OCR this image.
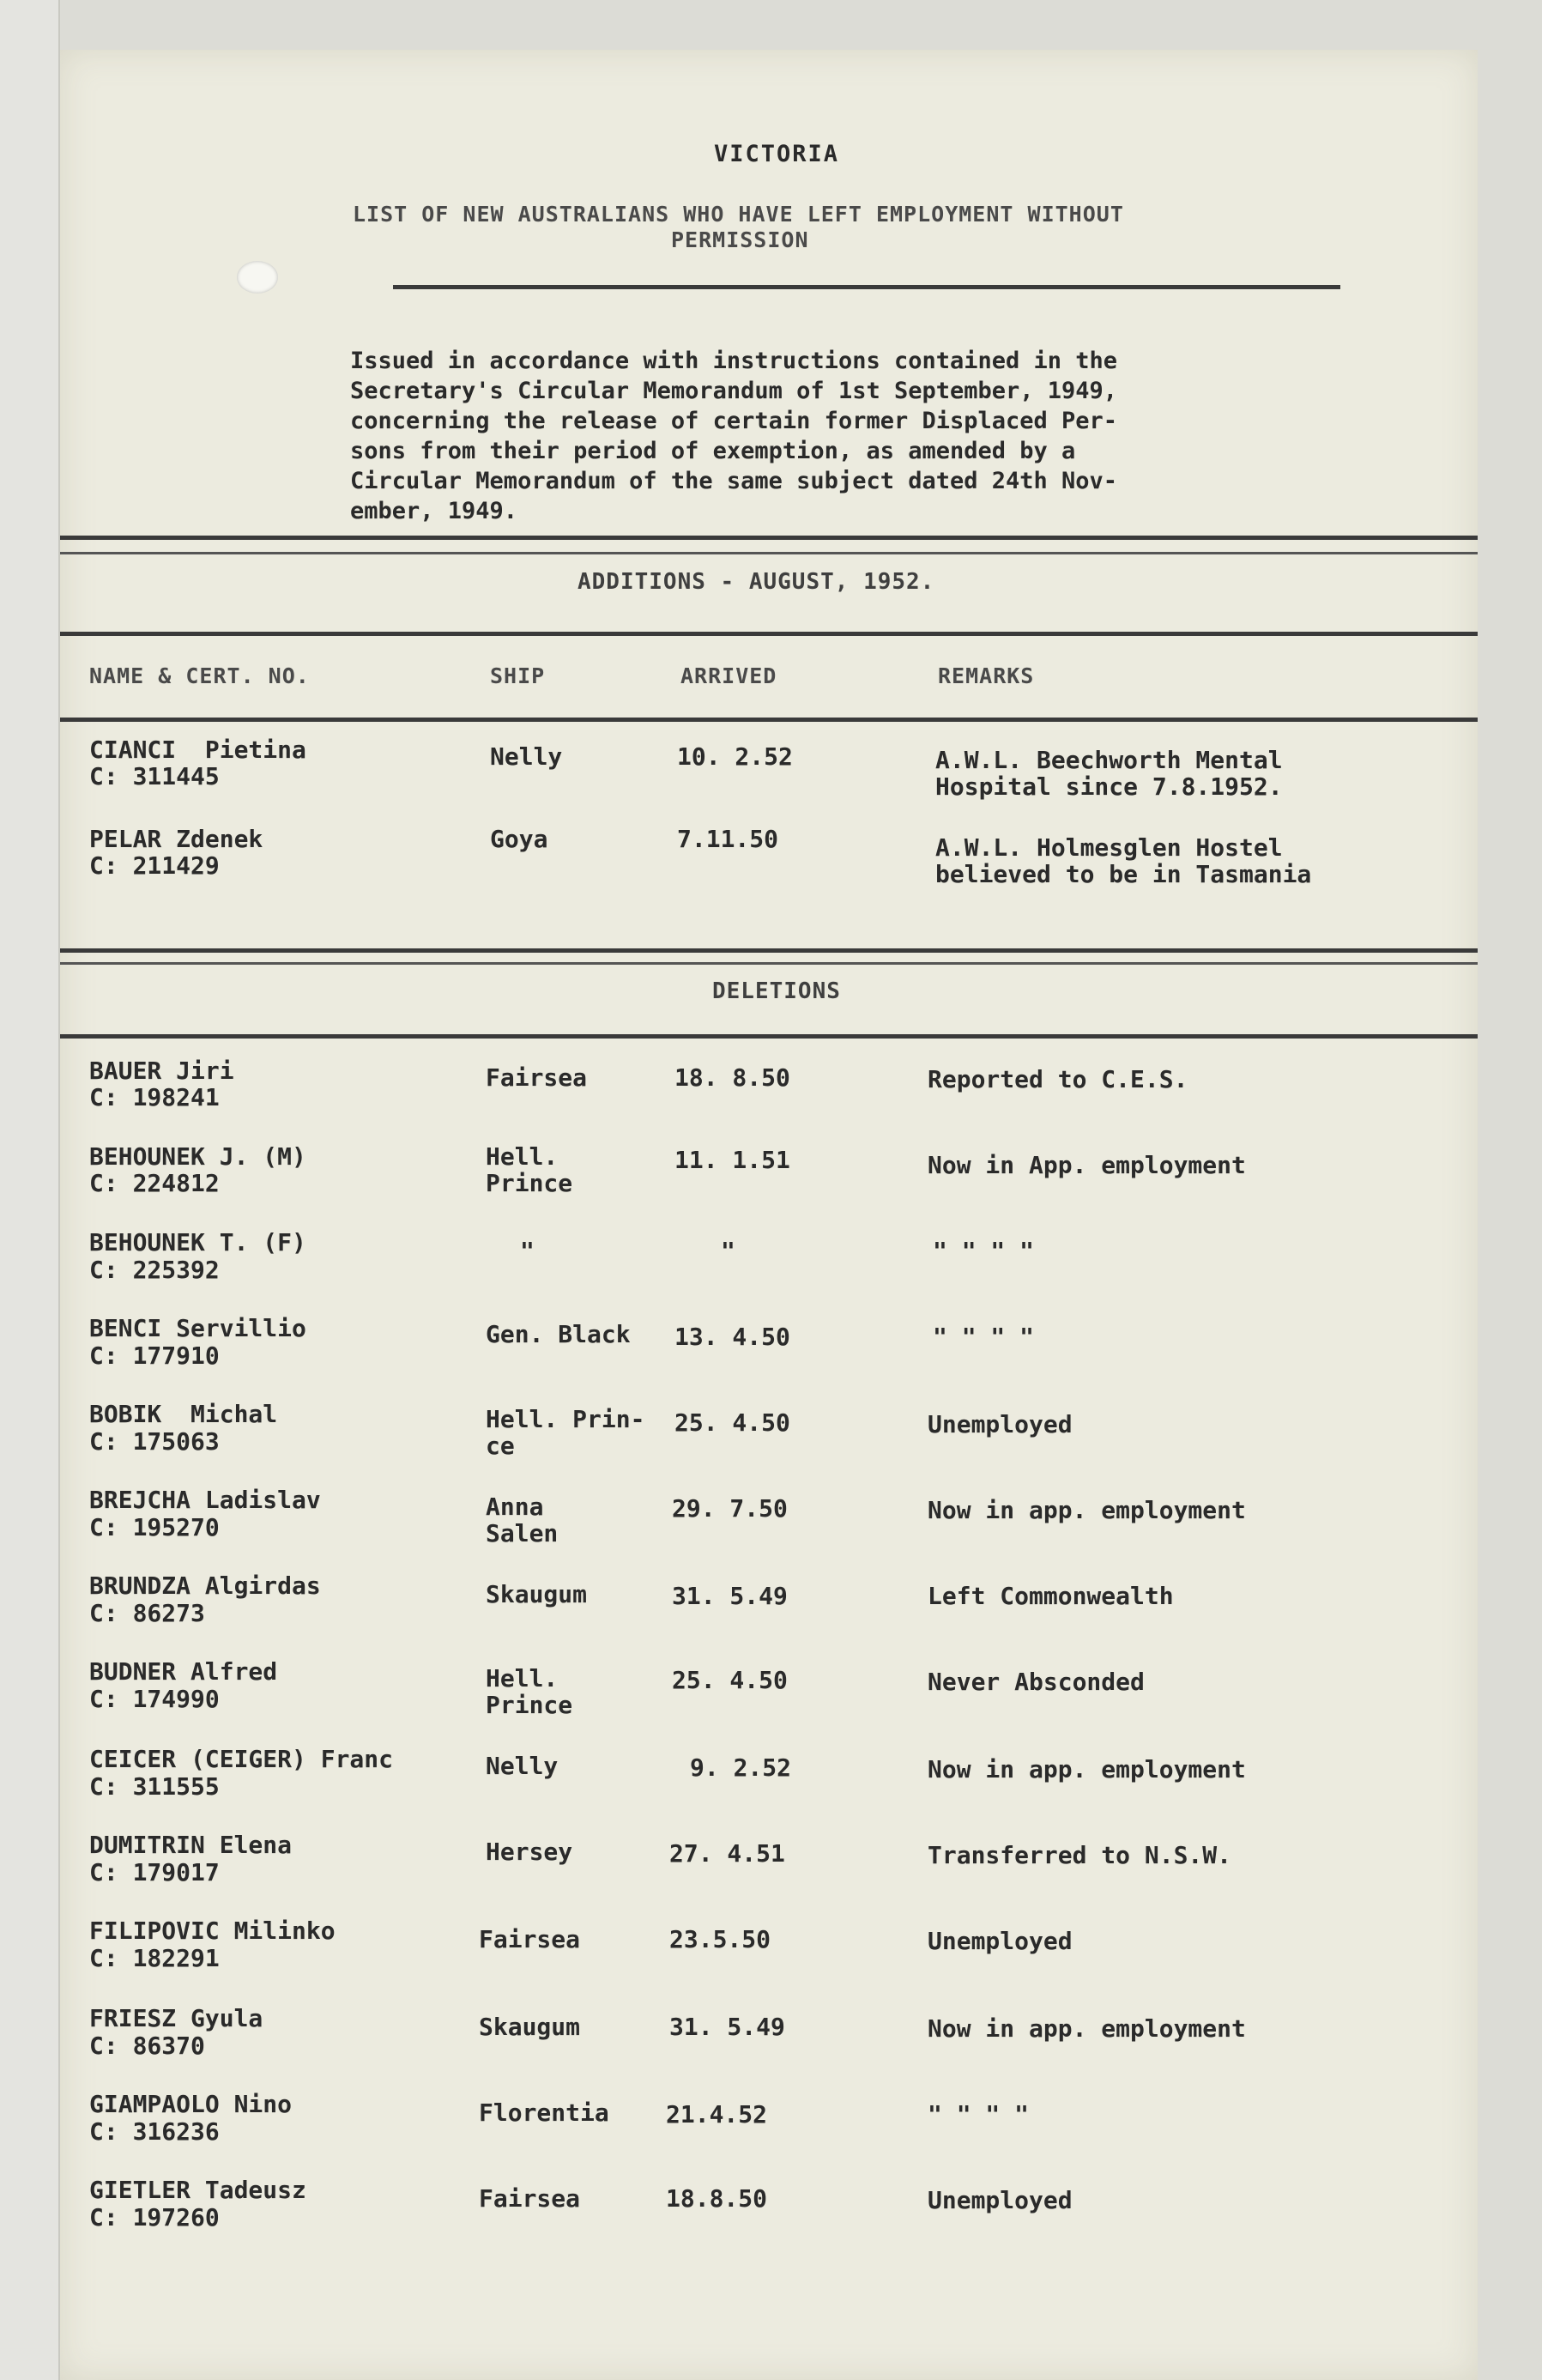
VICTORIA
LIST OF NEW AUSTRALIANS WHO HAVE LEFT EMPLOYMENT WITHOUT
PERMISSION
Issued in accordance with instructions contained in the
Secretary's Circular Memorandum of 1st September, 1949,
concerning the release of certain former Displaced Per-
sons from their period of exemption, as amended by a
Circular Memorandum of the same subject dated 24th Nov-
ember, 1949.
ADDITIONS - AUGUST, 1952.
NAME & CERT. NO.	SHIP	ARRIVED	REMARKS
CIANCI  Pietina
C: 311445
Nelly	10. 2.52	A.W.L. Beechworth Mental
Hospital since 7.8.1952.
PELAR Zdenek
C: 211429
Goya	7.11.50	A.W.L. Holmesglen Hostel
believed to be in Tasmania
DELETIONS
BAUER Jiri
C: 198241
Fairsea	18. 8.50	Reported to C.E.S.
BEHOUNEK J. (M)
C: 224812
Hell.
Prince
11. 1.51	Now in App. employment
BEHOUNEK T. (F)
C: 225392
"	"	" " " "
BENCI Servillio
C: 177910
Gen. Black 13. 4.50	" " " "
BOBIK  Michal
C: 175063
Hell. Prin-
ce
25. 4.50	Unemployed
BREJCHA Ladislav
C: 195270
Anna
Salen
29. 7.50	Now in app. employment
BRUNDZA Algirdas
C: 86273
Skaugum	31. 5.49	Left Commonwealth
BUDNER Alfred
C: 174990
Hell.
Prince
25. 4.50	Never Absconded
CEICER (CEIGER) Franc
C: 311555
Nelly	9. 2.52	Now in app. employment
DUMITRIN Elena
C: 179017
Hersey	27. 4.51	Transferred to N.S.W.
FILIPOVIC Milinko
C: 182291
Fairsea	23.5.50	Unemployed
FRIESZ Gyula
C: 86370
Skaugum	31. 5.49	Now in app. employment
GIAMPAOLO Nino
C: 316236
Florentia 21.4.52	" " " "
GIETLER Tadeusz
C: 197260
Fairsea	18.8.50	Unemployed
